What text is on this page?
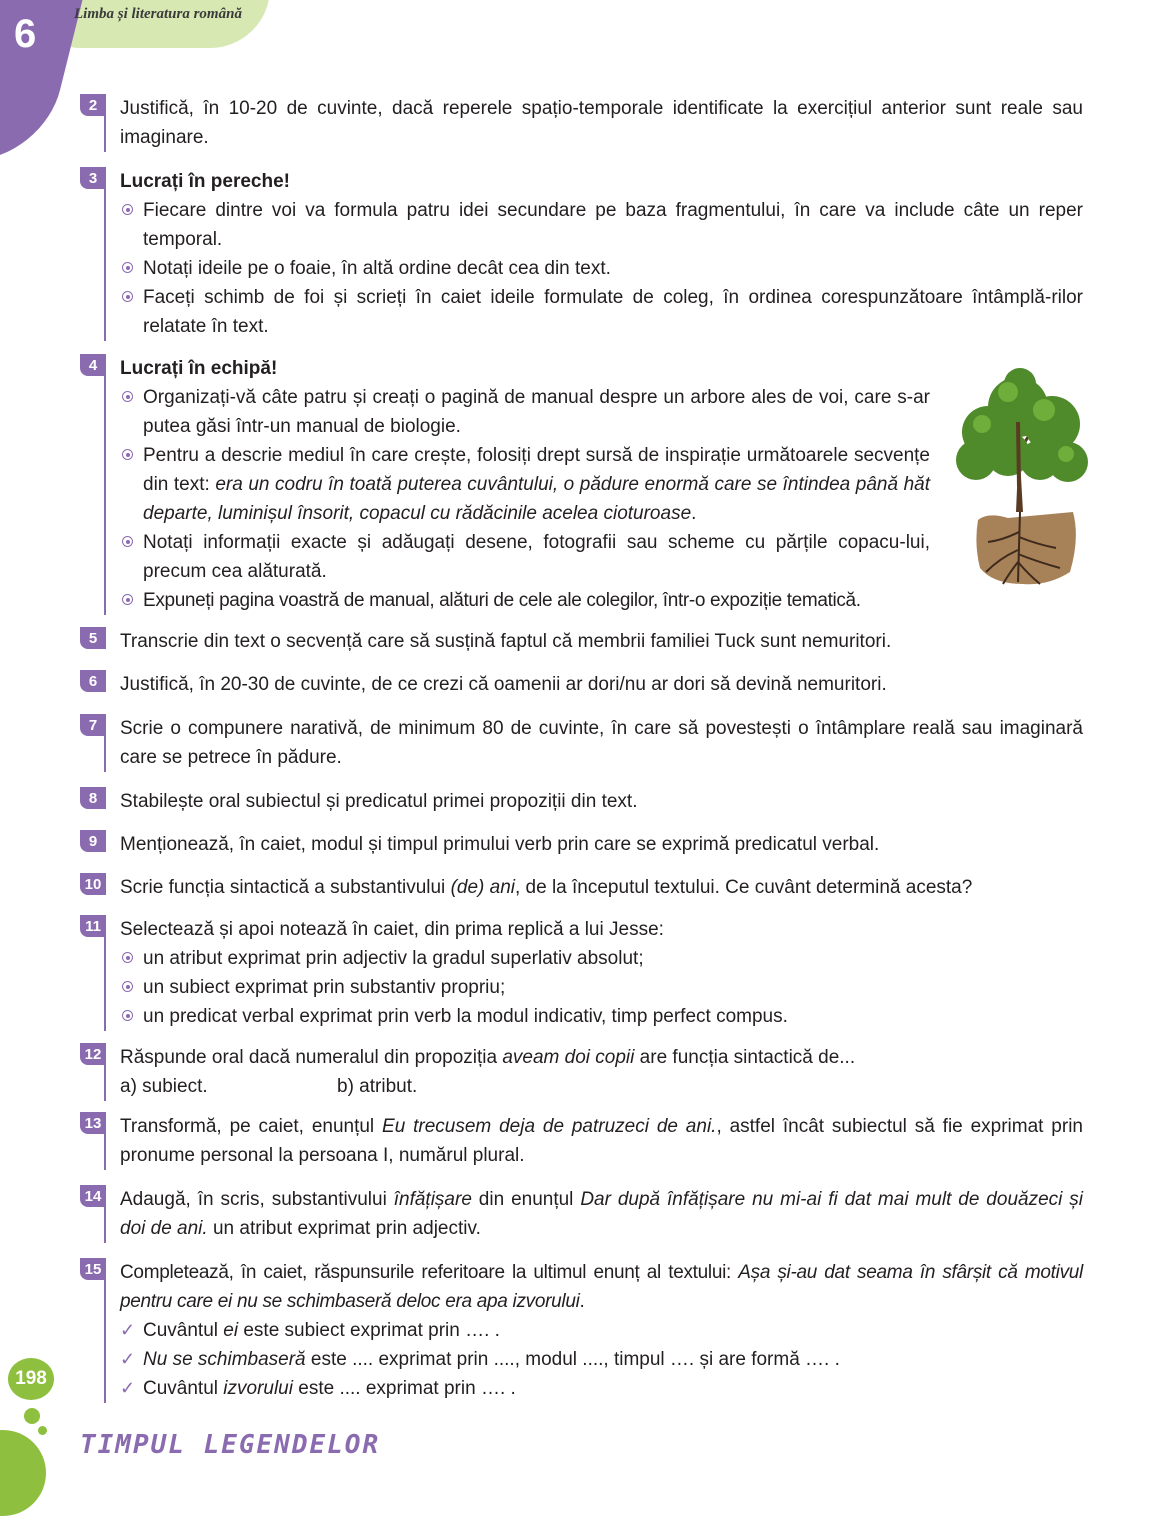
6	Limba și literatura română
2	Justifică, în 10-20 de cuvinte, dacă reperele spațio-temporale identificate la exercițiul anterior sunt reale sau imaginare.

3	Lucrați în pereche!

Fiecare dintre voi va formula patru idei secundare pe baza fragmentului, în care va include câte un reper temporal.
Notați ideile pe o foaie, în altă ordine decât cea din text.
Faceți schimb de foi și scrieți în caiet ideile formulate de coleg, în ordinea corespunzătoare întâmplă-rilor relatate în text.
4	Lucrați în echipă!

Organizați-vă câte patru și creați o pagină de manual despre un arbore ales de voi, care s-ar putea găsi într-un manual de biologie.
Pentru a descrie mediul în care crește, folosiți drept sursă de inspirație următoarele secvențe din text: era un codru în toată puterea cuvântului, o pădure enormă care se întindea până hăt departe, luminișul însorit, copacul cu rădăcinile acelea cioturoase.
Notați informații exacte și adăugați desene, fotografii sau scheme cu părțile copacu-lui, precum cea alăturată.
Expuneți pagina voastră de manual, alături de cele ale colegilor, într-o expoziție tematică.
5	Transcrie din text o secvență care să susțină faptul că membrii familiei Tuck sunt nemuritori.

6	Justifică, în 20-30 de cuvinte, de ce crezi că oamenii ar dori/nu ar dori să devină nemuritori.

7	Scrie o compunere narativă, de minimum 80 de cuvinte, în care să povestești o întâmplare reală sau imaginară care se petrece în pădure.

8	Stabilește oral subiectul și predicatul primei propoziții din text.

9	Menționează, în caiet, modul și timpul primului verb prin care se exprimă predicatul verbal.

10 Scrie funcția sintactică a substantivului (de) ani, de la începutul textului. Ce cuvânt determină acesta?

11 Selectează și apoi notează în caiet, din prima replică a lui Jesse:

un atribut exprimat prin adjectiv la gradul superlativ absolut;
un subiect exprimat prin substantiv propriu;
un predicat verbal exprimat prin verb la modul indicativ, timp perfect compus.
12 Răspunde oral dacă numeralul din propoziția aveam doi copii are funcția sintactică de...

a) subiect.	b) atribut.

13 Transformă, pe caiet, enunțul Eu trecusem deja de patruzeci de ani., astfel încât subiectul să fie exprimat prin pronume personal la persoana I, numărul plural.

14 Adaugă, în scris, substantivului înfățișare din enunțul Dar după înfățișare nu mi-ai fi dat mai mult de douăzeci și doi de ani. un atribut exprimat prin adjectiv.

15 Completează, în caiet, răspunsurile referitoare la ultimul enunț al textului: Așa și-au dat seama în sfârșit că motivul pentru care ei nu se schimbaseră deloc era apa izvorului.

✓ Cuvântul ei este subiect exprimat prin …. .
✓ Nu se schimbaseră este .... exprimat prin ...., modul ...., timpul …. și are formă …. .
✓ Cuvântul izvorului este .... exprimat prin …. .
198
TIMPUL LEGENDELOR
